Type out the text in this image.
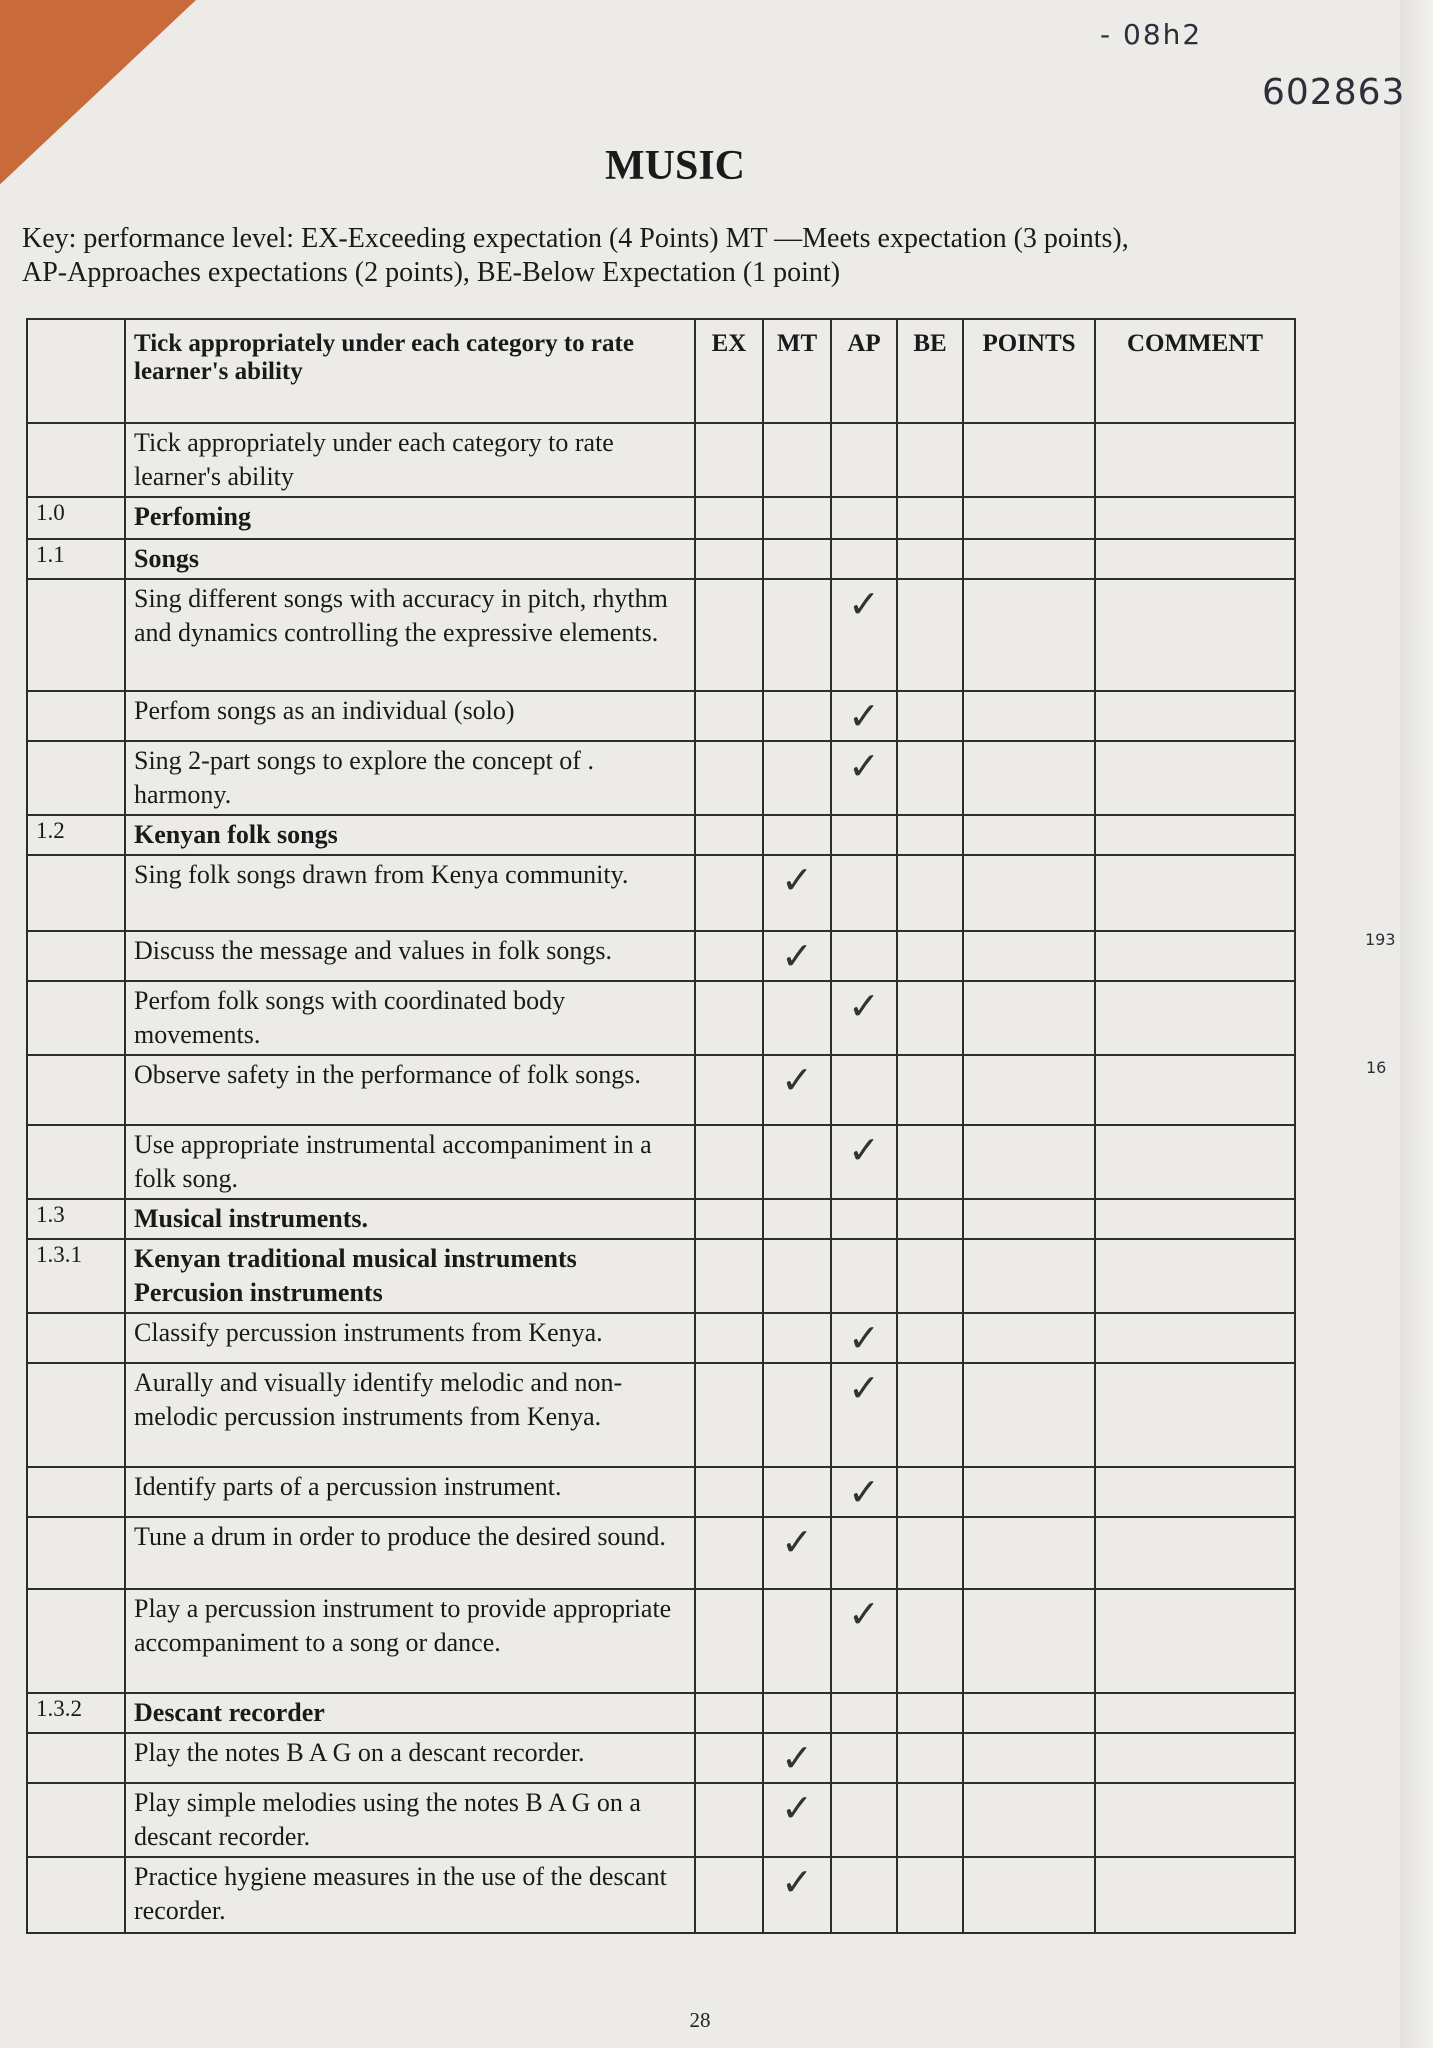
- 08h2
602863
193
16
MUSIC
Key: performance level: EX-Exceeding expectation (4 Points) MT —Meets expectation (3 points),
AP-Approaches expectations (2 points), BE-Below Expectation (1 point)
	Tick appropriately under each category to rate learner's ability	EX	MT	AP	BE	POINTS	COMMENT
	Tick appropriately under each category to rate learner's ability						
1.0	Perfoming						
1.1	Songs						
	Sing different songs with accuracy in pitch, rhythm and dynamics controlling the expressive elements.			✓			
	Perfom songs as an individual (solo)			✓			
	Sing 2-part songs to explore the concept of . harmony.			✓			
1.2	Kenyan folk songs						
	Sing folk songs drawn from Kenya community.		✓				
	Discuss the message and values in folk songs.		✓				
	Perfom folk songs with coordinated body movements.			✓			
	Observe safety in the performance of folk songs.		✓				
	Use appropriate instrumental accompaniment in a folk song.			✓			
1.3	Musical instruments.						
1.3.1	Kenyan traditional musical instruments Percusion instruments						
	Classify percussion instruments from Kenya.			✓			
	Aurally and visually identify melodic and non-melodic percussion instruments from Kenya.			✓			
	Identify parts of a percussion instrument.			✓			
	Tune a drum in order to produce the desired sound.		✓				
	Play a percussion instrument to provide appropriate accompaniment to a song or dance.			✓			
1.3.2	Descant recorder						
	Play the notes B A G on a descant recorder.		✓				
	Play simple melodies using the notes B A G on a descant recorder.		✓				
	Practice hygiene measures in the use of the descant recorder.		✓				
28
